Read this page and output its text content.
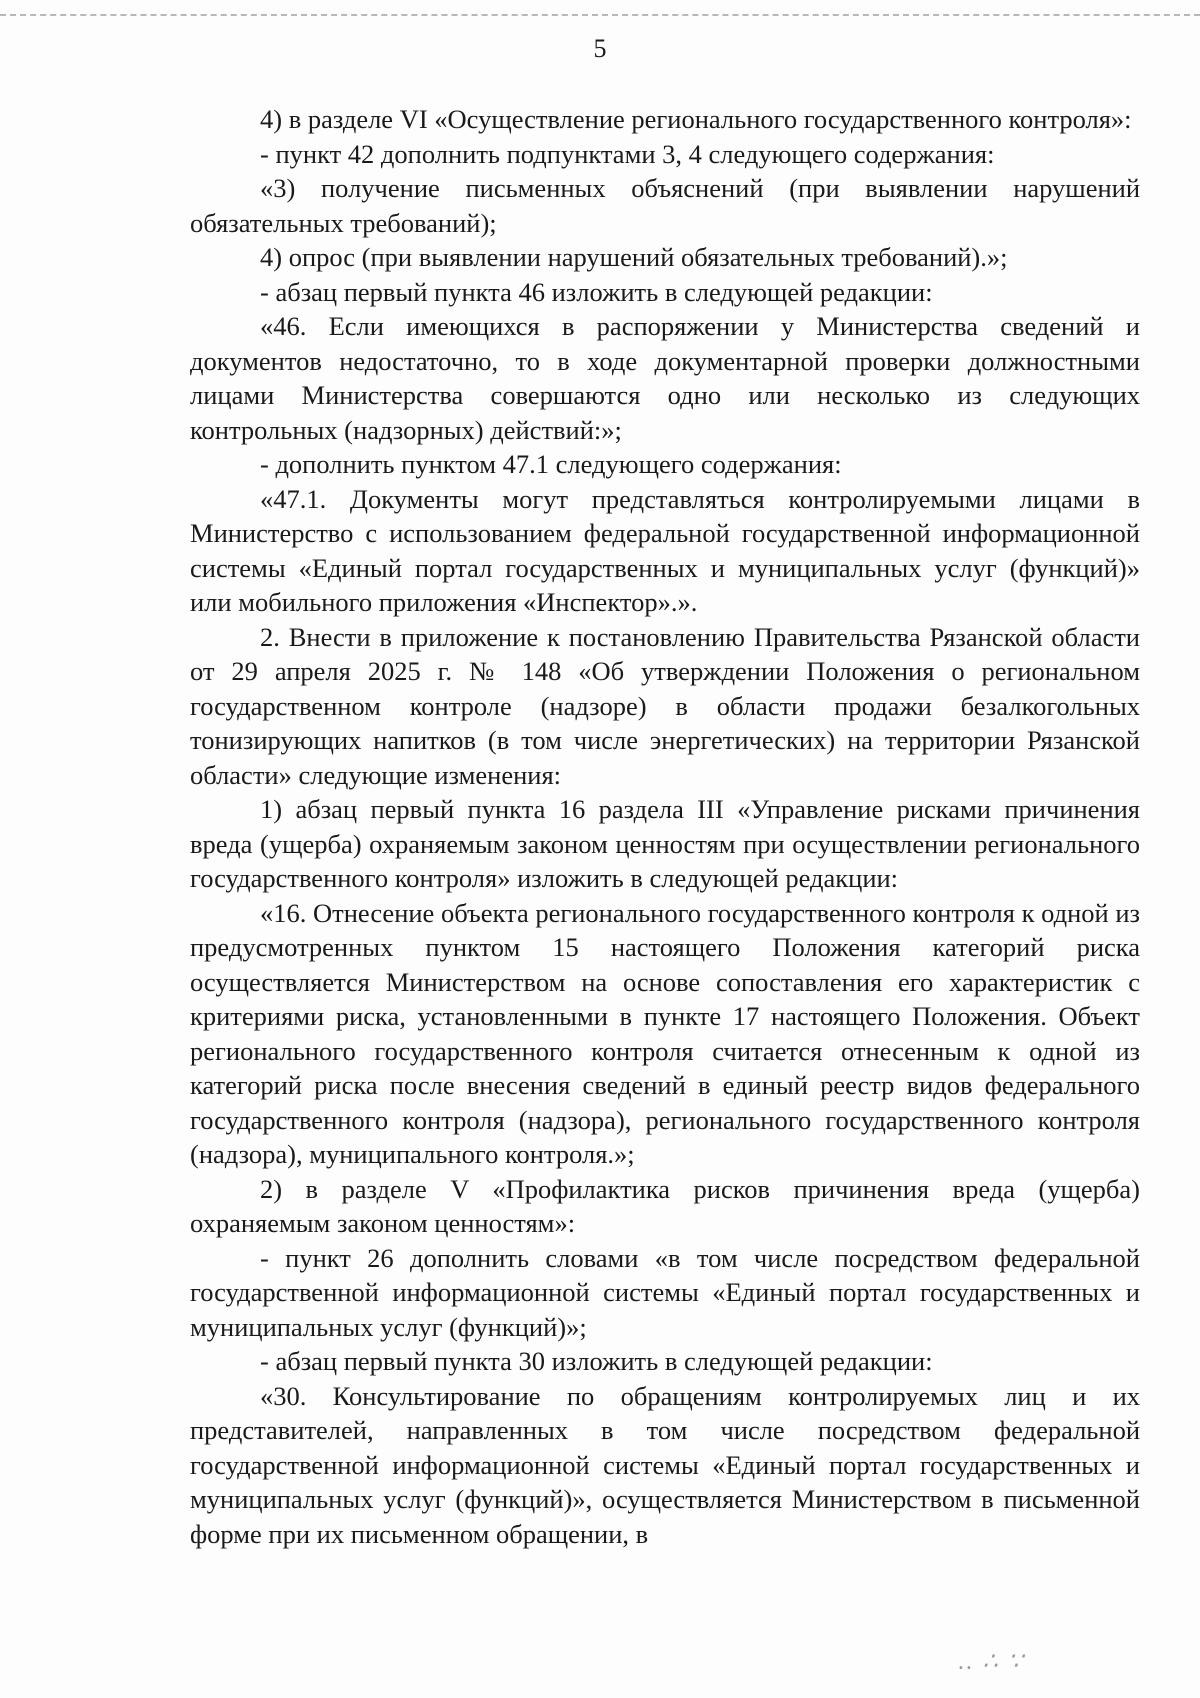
5

4) в разделе VI «Осуществление регионального государственного контроля»:

- пункт 42 дополнить подпунктами 3, 4 следующего содержания:

«3) получение письменных объяснений (при выявлении нарушений обязательных требований);

4) опрос (при выявлении нарушений обязательных требований).»;

- абзац первый пункта 46 изложить в следующей редакции:

«46. Если имеющихся в распоряжении у Министерства сведений и документов недостаточно, то в ходе документарной проверки должностными лицами Министерства совершаются одно или несколько из следующих контрольных (надзорных) действий:»;

- дополнить пунктом 47.1 следующего содержания:

«47.1. Документы могут представляться контролируемыми лицами в Министерство с использованием федеральной государственной информационной системы «Единый портал государственных и муниципальных услуг (функций)» или мобильного приложения «Инспектор».».

2. Внести в приложение к постановлению Правительства Рязанской области от 29 апреля 2025 г. № 148 «Об утверждении Положения о региональном государственном контроле (надзоре) в области продажи безалкогольных тонизирующих напитков (в том числе энергетических) на территории Рязанской области» следующие изменения:

1) абзац первый пункта 16 раздела III «Управление рисками причинения вреда (ущерба) охраняемым законом ценностям при осуществлении регионального государственного контроля» изложить в следующей редакции:

«16. Отнесение объекта регионального государственного контроля к одной из предусмотренных пунктом 15 настоящего Положения категорий риска осуществляется Министерством на основе сопоставления его характеристик с критериями риска, установленными в пункте 17 настоящего Положения. Объект регионального государственного контроля считается отнесенным к одной из категорий риска после внесения сведений в единый реестр видов федерального государственного контроля (надзора), регионального государственного контроля (надзора), муниципального контроля.»;

2) в разделе V «Профилактика рисков причинения вреда (ущерба) охраняемым законом ценностям»:

- пункт 26 дополнить словами «в том числе посредством федеральной государственной информационной системы «Единый портал государственных и муниципальных услуг (функций)»;

- абзац первый пункта 30 изложить в следующей редакции:

«30. Консультирование по обращениям контролируемых лиц и их представителей, направленных в том числе посредством федеральной государственной информационной системы «Единый портал государственных и муниципальных услуг (функций)», осуществляется Министерством в письменной форме при их письменном обращении, в

.. ∴ ∵
